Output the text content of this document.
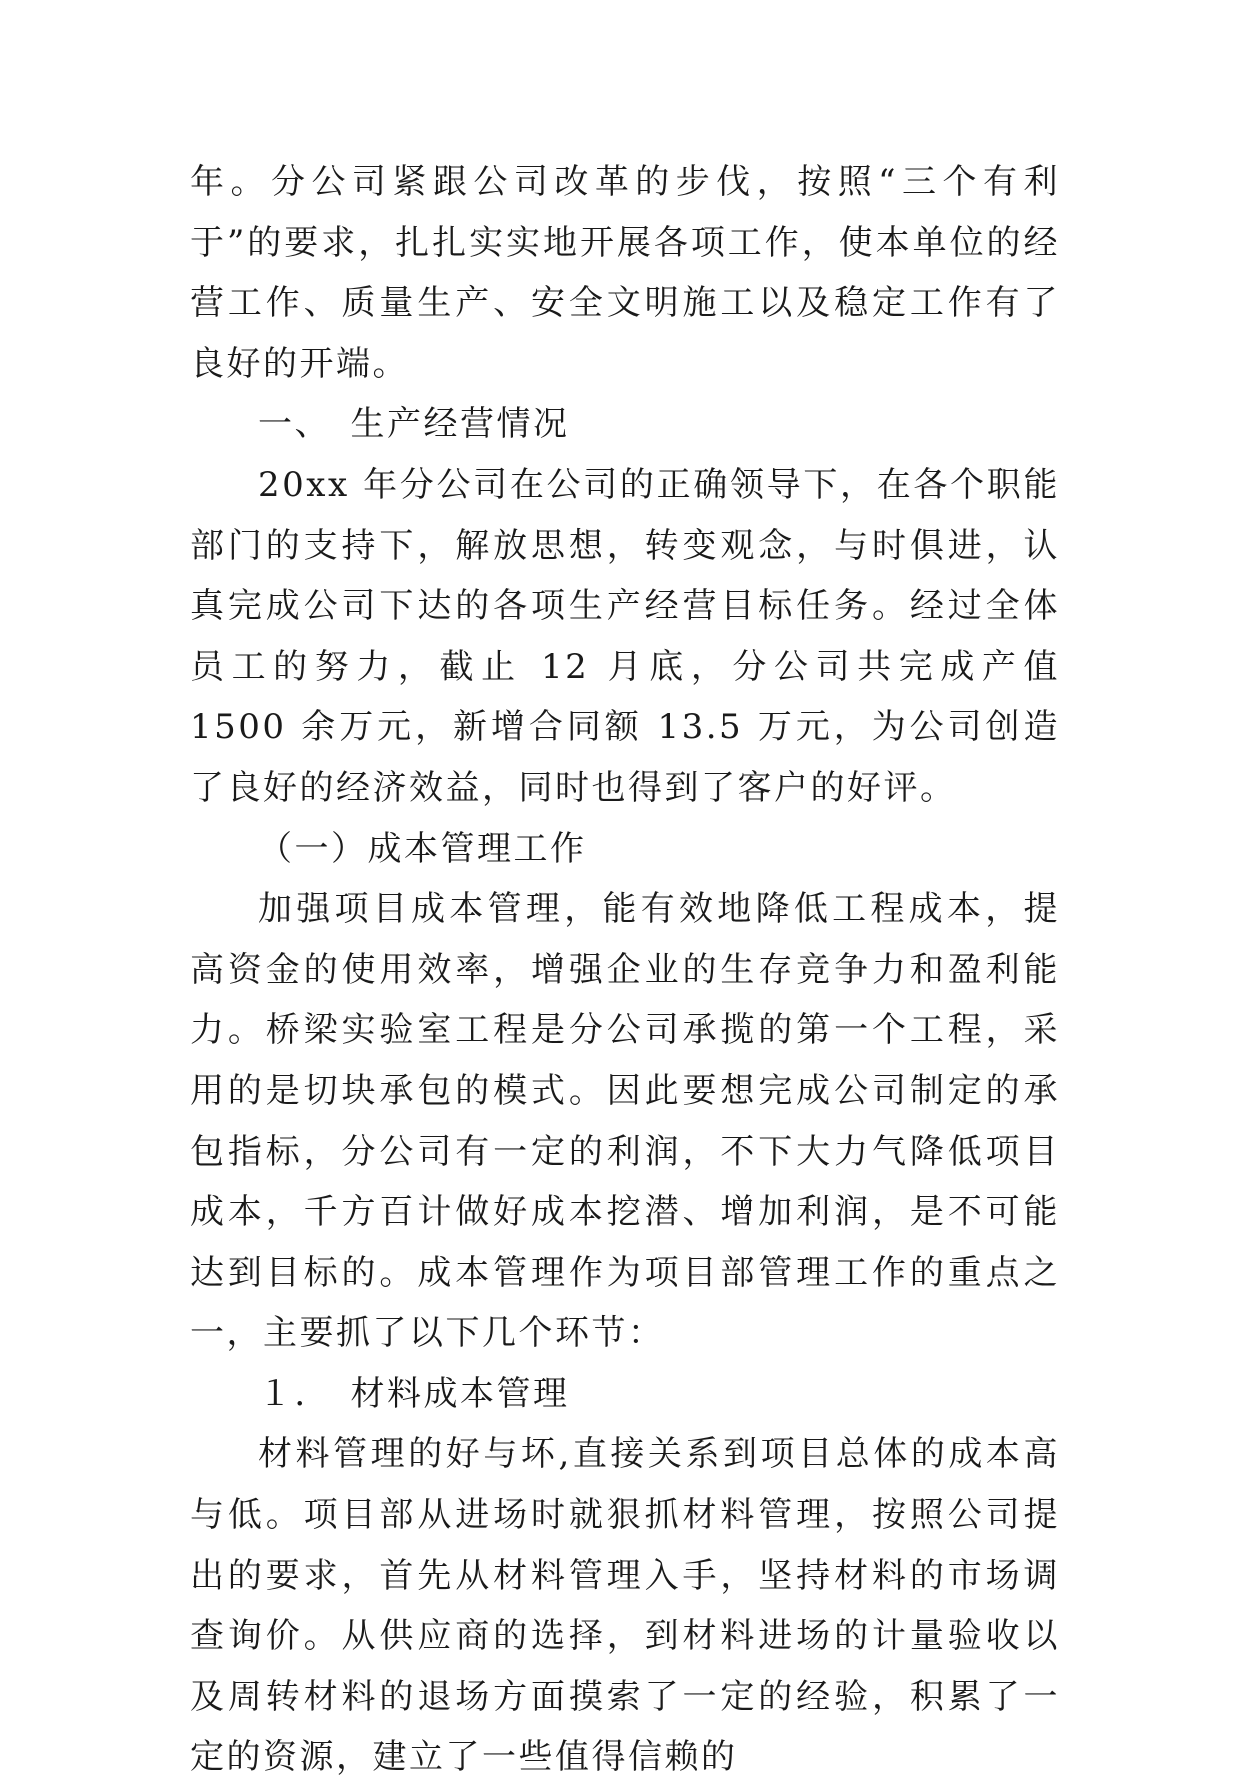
年。分公司紧跟公司改革的步伐，按照“三个有利于”的要求，扎扎实实地开展各项工作，使本单位的经营工作、质量生产、安全文明施工以及稳定工作有了良好的开端。

一、　生产经营情况

20xx 年分公司在公司的正确领导下，在各个职能部门的支持下，解放思想，转变观念，与时俱进，认真完成公司下达的各项生产经营目标任务。经过全体员工的努力，截止 12 月底，分公司共完成产值 1500 余万元，新增合同额 13.5 万元，为公司创造了良好的经济效益，同时也得到了客户的好评。

（一）成本管理工作

加强项目成本管理，能有效地降低工程成本，提高资金的使用效率，增强企业的生存竞争力和盈利能力。桥梁实验室工程是分公司承揽的第一个工程，采用的是切块承包的模式。因此要想完成公司制定的承包指标，分公司有一定的利润，不下大力气降低项目成本，千方百计做好成本挖潜、增加利润，是不可能达到目标的。成本管理作为项目部管理工作的重点之一，主要抓了以下几个环节：

１．　材料成本管理

材料管理的好与坏,直接关系到项目总体的成本高与低。项目部从进场时就狠抓材料管理，按照公司提出的要求，首先从材料管理入手，坚持材料的市场调查询价。从供应商的选择，到材料进场的计量验收以及周转材料的退场方面摸索了一定的经验，积累了一定的资源，建立了一些值得信赖的
